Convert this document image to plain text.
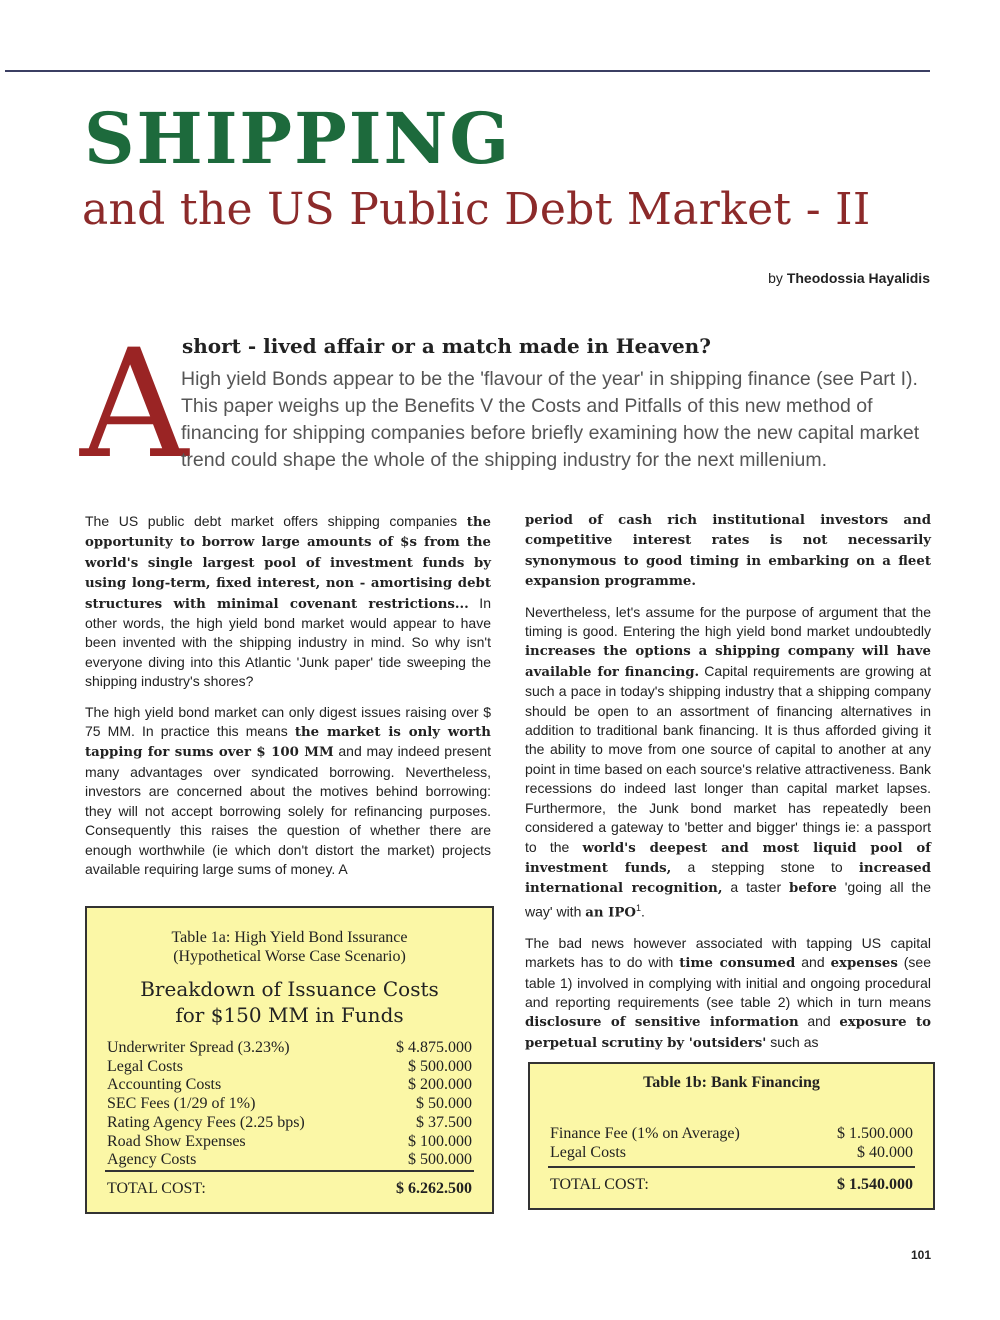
SHIPPING
and the US Public Debt Market - II
by Theodossia Hayalidis
A
short - lived affair or a match made in Heaven?
High yield Bonds appear to be the 'flavour of the year' in shipping finance (see Part I). This paper weighs up the Benefits V the Costs and Pitfalls of this new method of financing for shipping companies before briefly examining how the new capital market trend could shape the whole of the shipping industry for the next millenium.

The US public debt market offers shipping companies the opportunity to borrow large amounts of $s from the world's single largest pool of investment funds by using long-term, fixed interest, non - amortising debt structures with minimal covenant restrictions... In other words, the high yield bond market would appear to have been invented with the shipping industry in mind. So why isn't everyone diving into this Atlantic 'Junk paper' tide sweeping the shipping industry's shores?

The high yield bond market can only digest issues raising over $ 75 MM. In practice this means the market is only worth tapping for sums over $ 100 MM and may indeed present many advantages over syndicated borrowing. Nevertheless, investors are concerned about the motives behind borrowing: they will not accept borrowing solely for refinancing purposes. Consequently this raises the question of whether there are enough worthwhile (ie which don't distort the market) projects available requiring large sums of money. A

period of cash rich institutional investors and competitive interest rates is not necessarily synonymous to good timing in embarking on a fleet expansion programme.

Nevertheless, let's assume for the purpose of argument that the timing is good. Entering the high yield bond market undoubtedly increases the options a shipping company will have available for financing. Capital requirements are growing at such a pace in today's shipping industry that a shipping company should be open to an assortment of financing alternatives in addition to traditional bank financing. It is thus afforded giving it the ability to move from one source of capital to another at any point in time based on each source's relative attractiveness. Bank recessions do indeed last longer than capital market lapses. Furthermore, the Junk bond market has repeatedly been considered a gateway to 'better and bigger' things ie: a passport to the world's deepest and most liquid pool of investment funds, a stepping stone to increased international recognition, a taster before 'going all the way' with an IPO$^1$.

The bad news however associated with tapping US capital markets has to do with time consumed and expenses (see table 1) involved in complying with initial and ongoing procedural and reporting requirements (see table 2) which in turn means disclosure of sensitive information and exposure to perpetual scrutiny by 'outsiders' such as

Table 1a: High Yield Bond Issurance
(Hypothetical Worse Case Scenario)
Breakdown of Issuance Costs
for $150 MM in Funds
Underwriter Spread (3.23%)	$ 4.875.000
Legal Costs	$ 500.000
Accounting Costs	$ 200.000
SEC Fees (1/29 of 1%)	$ 50.000
Rating Agency Fees (2.25 bps)	$ 37.500
Road Show Expenses	$ 100.000
Agency Costs	$ 500.000
TOTAL COST:	$ 6.262.500
Table 1b: Bank Financing
Finance Fee (1% on Average)	$ 1.500.000
Legal Costs	$ 40.000
TOTAL COST:	$ 1.540.000
101
